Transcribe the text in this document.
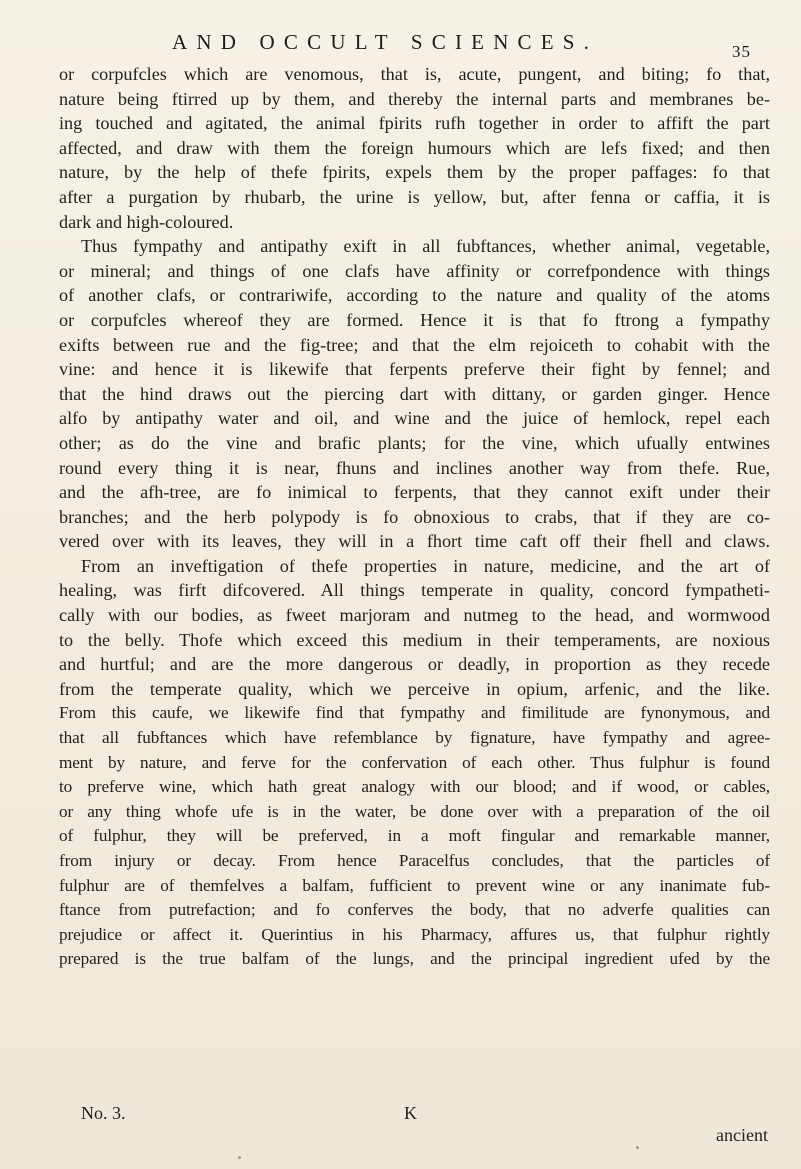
AND OCCULT SCIENCES.	35
or corpufcles which are venomous, that is, acute, pungent, and biting; fo that,
nature being ftirred up by them, and thereby the internal parts and membranes be-
ing touched and agitated, the animal fpirits rufh together in order to affift the part
affected, and draw with them the foreign humours which are lefs fixed; and then
nature, by the help of thefe fpirits, expels them by the proper paffages: fo that
after a purgation by rhubarb, the urine is yellow, but, after fenna or caffia, it is
dark and high-coloured.
Thus fympathy and antipathy exift in all fubftances, whether animal, vegetable,
or mineral; and things of one clafs have affinity or correfpondence with things
of another clafs, or contrariwife, according to the nature and quality of the atoms
or corpufcles whereof they are formed. Hence it is that fo ftrong a fympathy
exifts between rue and the fig-tree; and that the elm rejoiceth to cohabit with the
vine: and hence it is likewife that ferpents preferve their fight by fennel; and
that the hind draws out the piercing dart with dittany, or garden ginger. Hence
alfo by antipathy water and oil, and wine and the juice of hemlock, repel each
other; as do the vine and brafic plants; for the vine, which ufually entwines
round every thing it is near, fhuns and inclines another way from thefe. Rue,
and the afh-tree, are fo inimical to ferpents, that they cannot exift under their
branches; and the herb polypody is fo obnoxious to crabs, that if they are co-
vered over with its leaves, they will in a fhort time caft off their fhell and claws.
From an inveftigation of thefe properties in nature, medicine, and the art of
healing, was firft difcovered. All things temperate in quality, concord fympatheti-
cally with our bodies, as fweet marjoram and nutmeg to the head, and wormwood
to the belly. Thofe which exceed this medium in their temperaments, are noxious
and hurtful; and are the more dangerous or deadly, in proportion as they recede
from the temperate quality, which we perceive in opium, arfenic, and the like.
From this caufe, we likewife find that fympathy and fimilitude are fynonymous, and
that all fubftances which have refemblance by fignature, have fympathy and agree-
ment by nature, and ferve for the confervation of each other. Thus fulphur is found
to preferve wine, which hath great analogy with our blood; and if wood, or cables,
or any thing whofe ufe is in the water, be done over with a preparation of the oil
of fulphur, they will be preferved, in a moft fingular and remarkable manner,
from injury or decay. From hence Paracelfus concludes, that the particles of
fulphur are of themfelves a balfam, fufficient to prevent wine or any inanimate fub-
ftance from putrefaction; and fo conferves the body, that no adverfe qualities can
prejudice or affect it. Querintius in his Pharmacy, affures us, that fulphur rightly
prepared is the true balfam of the lungs, and the principal ingredient ufed by the
No. 3.	K
ancient
